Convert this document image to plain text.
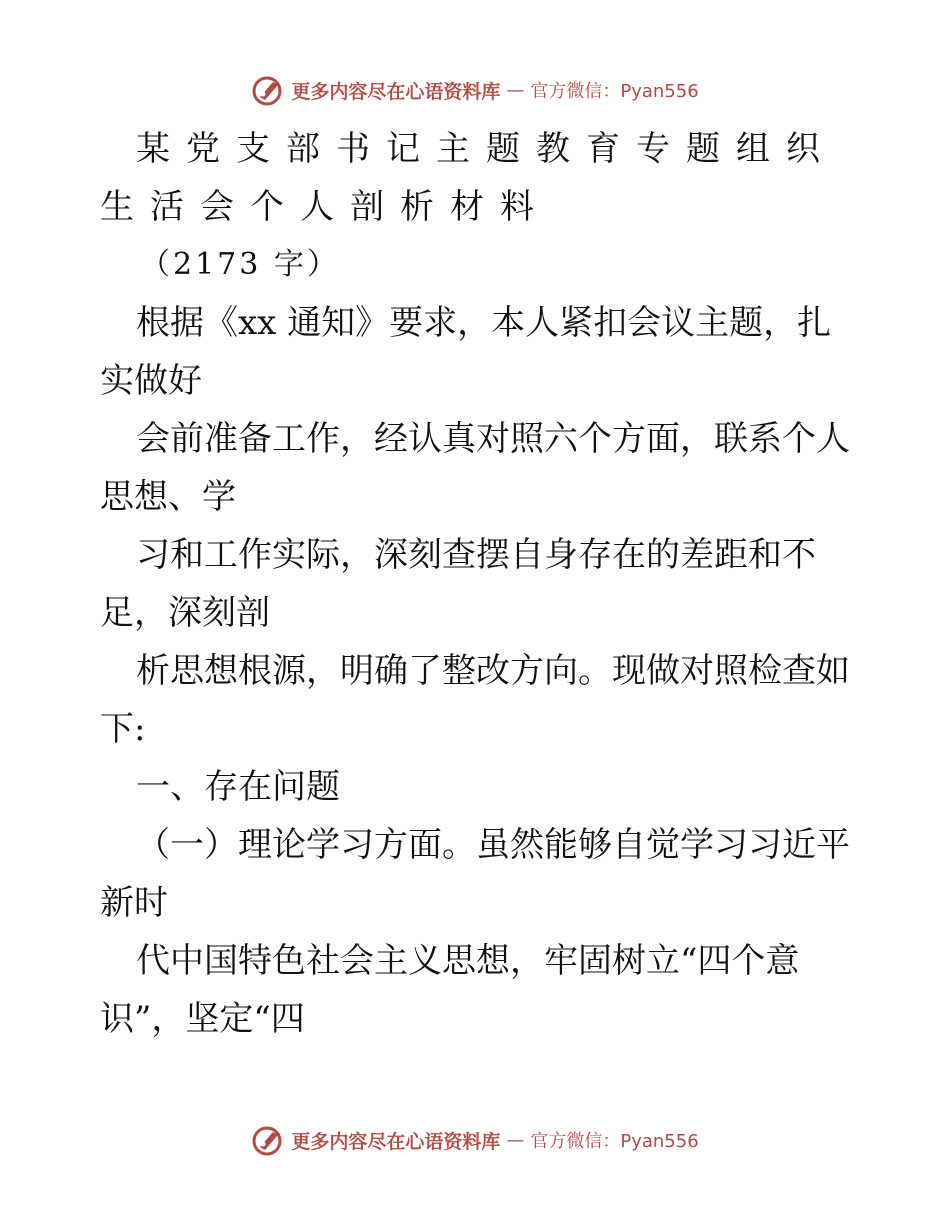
更多内容尽在心语资料库 — 官方微信：Pyan556
某党支部书记主题教育专题组织
生活会个人剖析材料
（2173 字）
根据《xx 通知》要求，本人紧扣会议主题，扎
实做好
会前准备工作，经认真对照六个方面，联系个人
思想、学
习和工作实际，深刻查摆自身存在的差距和不
足，深刻剖
析思想根源，明确了整改方向。现做对照检查如
下:
一、存在问题
（一）理论学习方面。虽然能够自觉学习习近平
新时
代中国特色社会主义思想，牢固树立“四个意
识”，坚定“四
更多内容尽在心语资料库 — 官方微信：Pyan556
